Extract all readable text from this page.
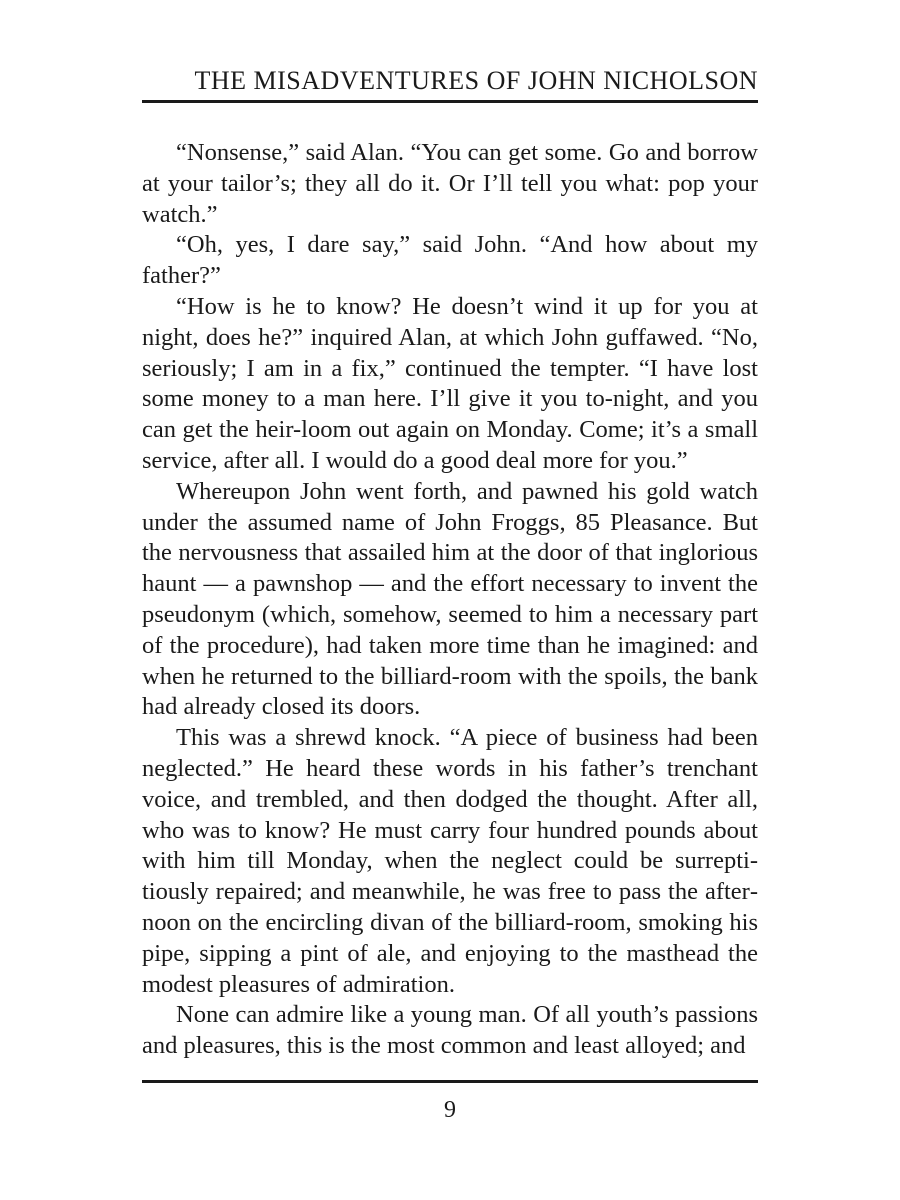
THE MISADVENTURES OF JOHN NICHOLSON

“Nonsense,” said Alan. “You can get some. Go and borrow at your tailor’s; they all do it. Or I’ll tell you what: pop your watch.”

“Oh, yes, I dare say,” said John. “And how about my father?”

“How is he to know? He doesn’t wind it up for you at night, does he?” inquired Alan, at which John guffawed. “No, seriously; I am in a fix,” continued the tempter. “I have lost some money to a man here. I’ll give it you to-night, and you can get the heir-loom out again on Monday. Come; it’s a small service, after all. I would do a good deal more for you.”

Whereupon John went forth, and pawned his gold watch under the assumed name of John Froggs, 85 Pleasance. But the nervousness that assailed him at the door of that inglorious haunt — a pawnshop — and the effort necessary to invent the pseudonym (which, somehow, seemed to him a necessary part of the procedure), had taken more time than he imagined: and when he returned to the billiard-room with the spoils, the bank had already closed its doors.

This was a shrewd knock. “A piece of business had been neglected.” He heard these words in his father’s trenchant voice, and trembled, and then dodged the thought. After all, who was to know? He must carry four hundred pounds about with him till Monday, when the neglect could be surreptitiously repaired; and meanwhile, he was free to pass the afternoon on the encircling divan of the billiard-room, smoking his pipe, sipping a pint of ale, and enjoying to the masthead the modest pleasures of admiration.

None can admire like a young man. Of all youth’s passions and pleasures, this is the most common and least alloyed; and

9
